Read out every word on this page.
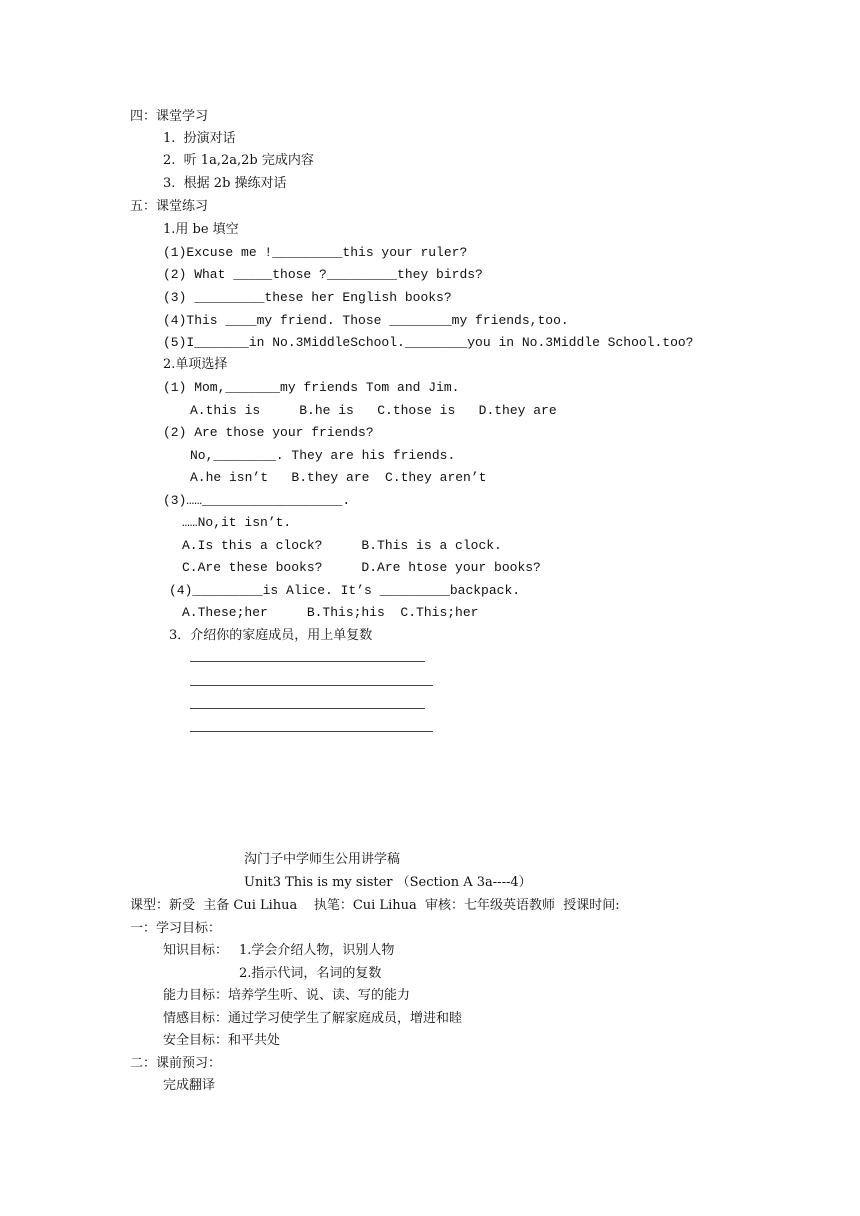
四：课堂学习
1.  扮演对话
2.  听 1a,2a,2b 完成内容
3.  根据 2b 操练对话
五：课堂练习
1.用 be 填空
(1)Excuse me !_________this your ruler?
(2) What _____those ?_________they birds?
(3) _________these her English books?
(4)This ____my friend. Those ________my friends,too.
(5)I_______in No.3MiddleSchool.________you in No.3Middle School.too?
2.单项选择
(1) Mom,_______my friends Tom and Jim.
A.this is     B.he is   C.those is   D.they are
(2) Are those your friends?
No,________. They are his friends.
A.he isn’t   B.they are  C.they aren’t
(3)……__________________.
……No,it isn’t.
A.Is this a clock?     B.This is a clock.
C.Are these books?     D.Are htose your books?
(4)_________is Alice. It’s _________backpack.
A.These;her     B.This;his  C.This;her
3．介绍你的家庭成员，用上单复数
沟门子中学师生公用讲学稿
Unit3 This is my sister （Section A 3a----4）
课型：新受  主备 Cui Lihua    执笔：Cui Lihua  审核：七年级英语教师  授课时间:
一：学习目标：
知识目标： 1.学会介绍人物，识别人物
2.指示代词，名词的复数
能力目标：培养学生听、说、读、写的能力
情感目标：通过学习使学生了解家庭成员，增进和睦
安全目标：和平共处
二：课前预习：
完成翻译
